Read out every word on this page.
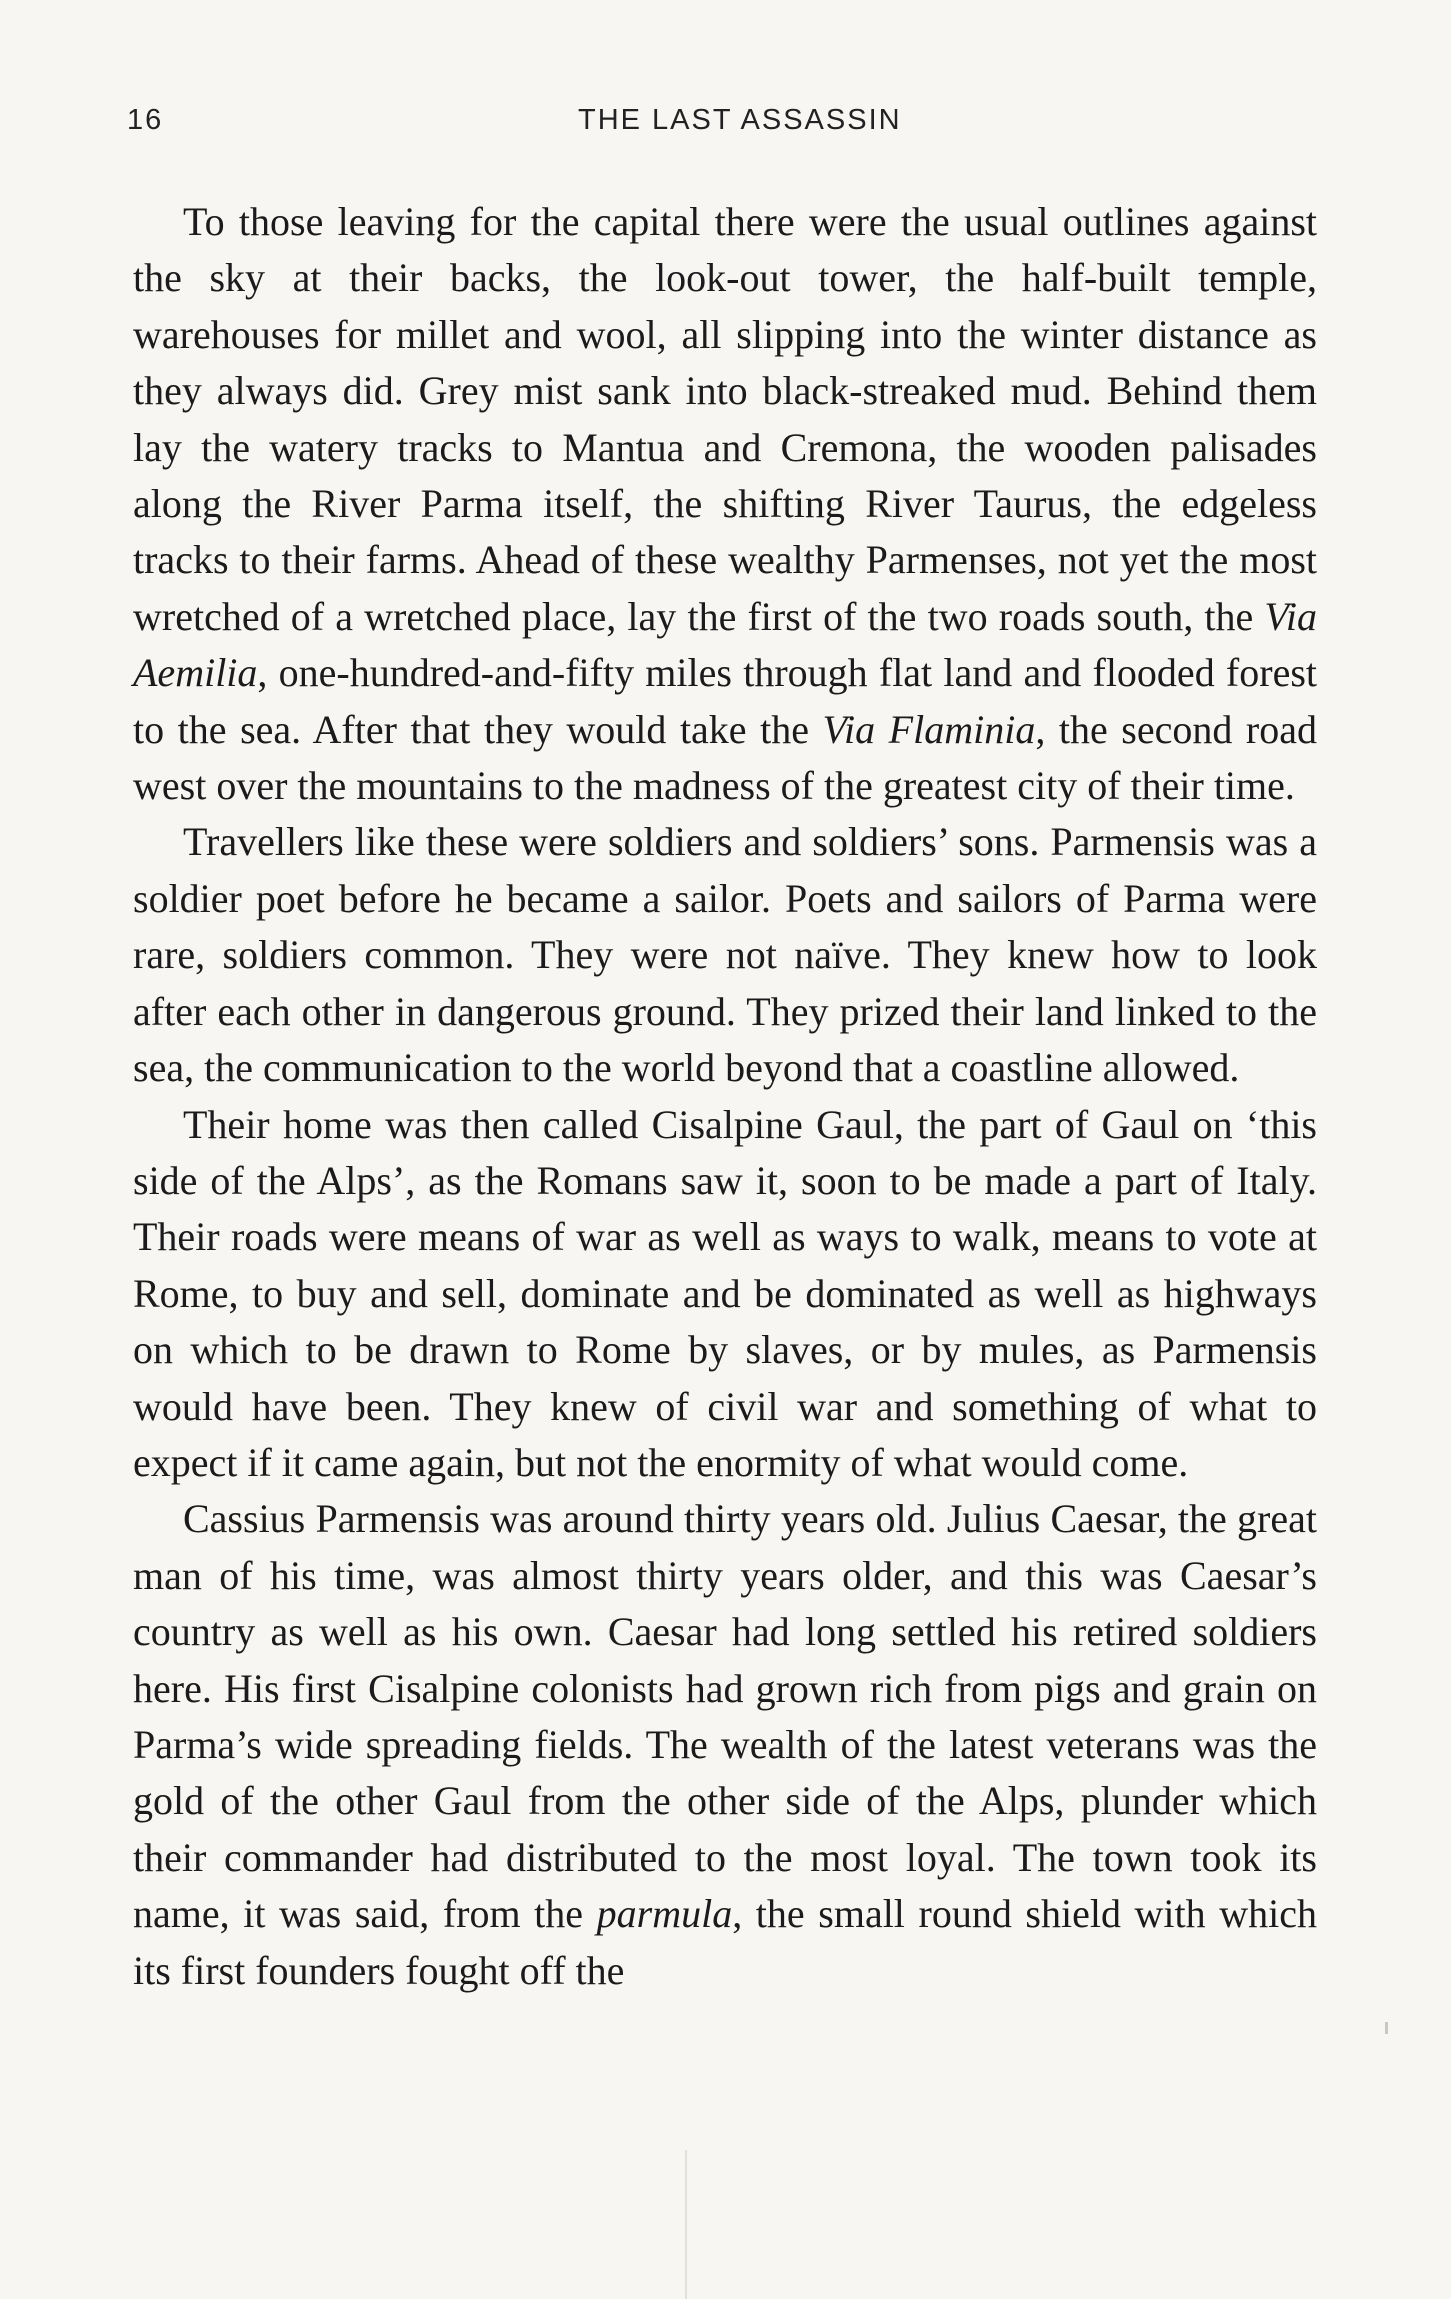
16	THE LAST ASSASSIN

To those leaving for the capital there were the usual outlines against the sky at their backs, the look-out tower, the half-built temple, warehouses for millet and wool, all slipping into the winter distance as they always did. Grey mist sank into black-streaked mud. Behind them lay the watery tracks to Mantua and Cremona, the wooden palisades along the River Parma itself, the shifting River Taurus, the edgeless tracks to their farms. Ahead of these wealthy Parmenses, not yet the most wretched of a wretched place, lay the first of the two roads south, the Via Aemilia, one-hundred-and-fifty miles through flat land and flooded forest to the sea. After that they would take the Via Flaminia, the second road west over the mountains to the madness of the greatest city of their time.

Travellers like these were soldiers and soldiers’ sons. Parmensis was a soldier poet before he became a sailor. Poets and sailors of Parma were rare, soldiers common. They were not naïve. They knew how to look after each other in dangerous ground. They prized their land linked to the sea, the communication to the world beyond that a coastline allowed.

Their home was then called Cisalpine Gaul, the part of Gaul on ‘this side of the Alps’, as the Romans saw it, soon to be made a part of Italy. Their roads were means of war as well as ways to walk, means to vote at Rome, to buy and sell, dominate and be dominated as well as highways on which to be drawn to Rome by slaves, or by mules, as Parmensis would have been. They knew of civil war and something of what to expect if it came again, but not the enormity of what would come.

Cassius Parmensis was around thirty years old. Julius Caesar, the great man of his time, was almost thirty years older, and this was Caesar’s country as well as his own. Caesar had long settled his retired soldiers here. His first Cisalpine colonists had grown rich from pigs and grain on Parma’s wide spreading fields. The wealth of the latest veterans was the gold of the other Gaul from the other side of the Alps, plunder which their commander had distributed to the most loyal. The town took its name, it was said, from the parmula, the small round shield with which its first founders fought off the
